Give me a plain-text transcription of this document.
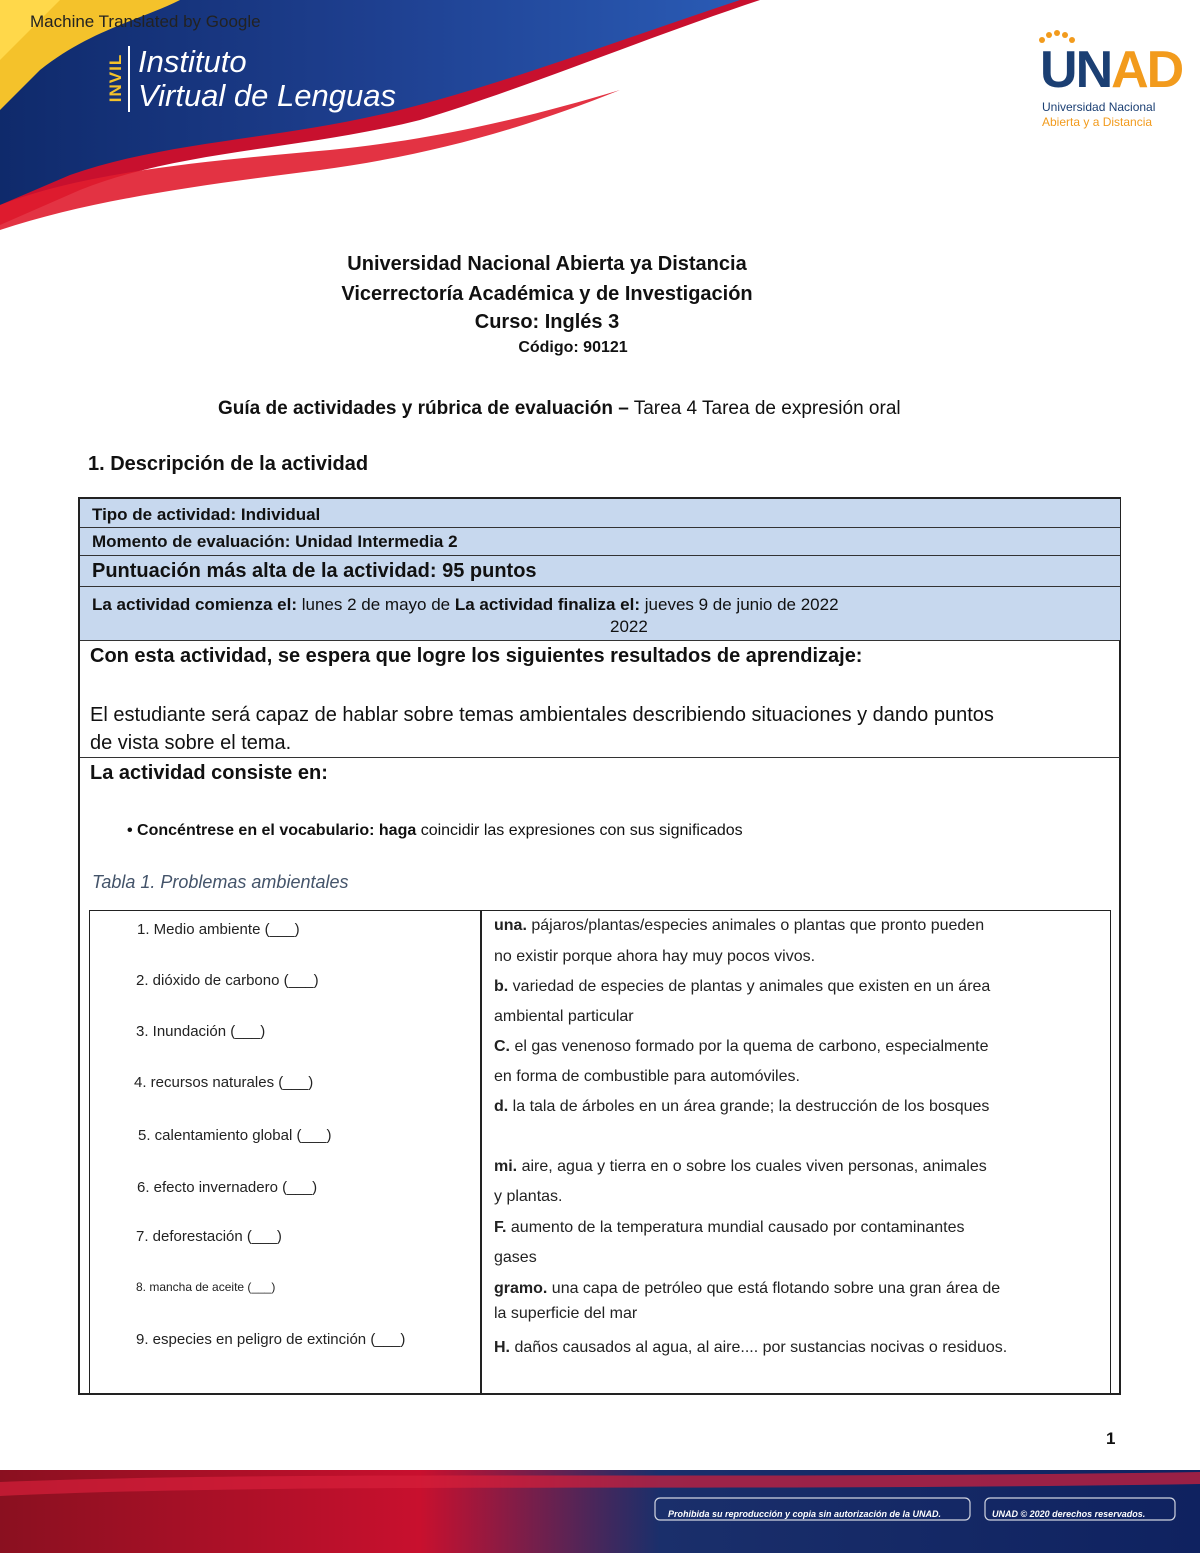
INVIL Instituto
Virtual de Lenguas
Machine Translated by Google
UNAD
Universidad Nacional
Abierta y a Distancia
Universidad Nacional Abierta ya Distancia
Vicerrectoría Académica y de Investigación
Curso: Inglés 3
Código: 90121
Guía de actividades y rúbrica de evaluación – Tarea 4 Tarea de expresión oral
1. Descripción de la actividad
Tipo de actividad: Individual
Momento de evaluación: Unidad Intermedia 2
Puntuación más alta de la actividad: 95 puntos
La actividad comienza el: lunes 2 de mayo de La actividad finaliza el: jueves 9 de junio de 2022
2022
Con esta actividad, se espera que logre los siguientes resultados de aprendizaje:
El estudiante será capaz de hablar sobre temas ambientales describiendo situaciones y dando puntos
de vista sobre el tema.
La actividad consiste en:
• Concéntrese en el vocabulario: haga coincidir las expresiones con sus significados
Tabla 1. Problemas ambientales
1. Medio ambiente (___)
2. dióxido de carbono (___)
3. Inundación (___)
4. recursos naturales (___)
5. calentamiento global (___)
6. efecto invernadero (___)
7. deforestación (___)
8. mancha de aceite (___)
9. especies en peligro de extinción (___)
una. pájaros/plantas/especies animales o plantas que pronto pueden
no existir porque ahora hay muy pocos vivos.
b. variedad de especies de plantas y animales que existen en un área
ambiental particular
C. el gas venenoso formado por la quema de carbono, especialmente
en forma de combustible para automóviles.
d. la tala de árboles en un área grande; la destrucción de los bosques
mi. aire, agua y tierra en o sobre los cuales viven personas, animales
y plantas.
F. aumento de la temperatura mundial causado por contaminantes
gases
gramo. una capa de petróleo que está flotando sobre una gran área de
la superficie del mar
H. daños causados al agua, al aire.... por sustancias nocivas o residuos.
1
Prohibida su reproducción y copia sin autorización de la UNAD.	UNAD © 2020 derechos reservados.
